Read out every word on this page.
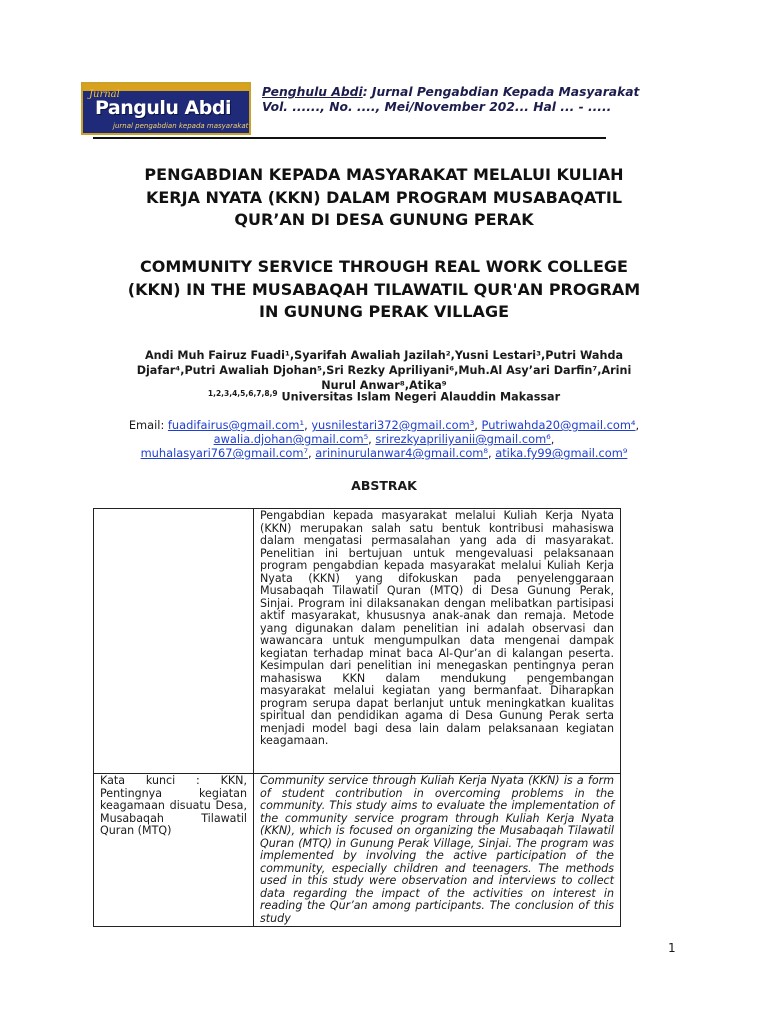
Jurnal
Pangulu Abdi
jurnal pengabdian kepada masyarakat
Penghulu Abdi: Jurnal Pengabdian Kepada Masyarakat
Vol. ......, No. ...., Mei/November 202... Hal ... - .....
PENGABDIAN KEPADA MASYARAKAT MELALUI KULIAH
KERJA NYATA (KKN) DALAM PROGRAM MUSABAQATIL
QUR’AN DI DESA GUNUNG PERAK
COMMUNITY SERVICE THROUGH REAL WORK COLLEGE
(KKN) IN THE MUSABAQAH TILAWATIL QUR'AN PROGRAM
IN GUNUNG PERAK VILLAGE
Andi Muh Fairuz Fuadi¹,Syarifah Awaliah Jazilah²,Yusni Lestari³,Putri Wahda
Djafar⁴,Putri Awaliah Djohan⁵,Sri Rezky Apriliyani⁶,Muh.Al Asy’ari Darfin⁷,Arini
Nurul Anwar⁸,Atika⁹
$^{1,2,3,4,5,6,7,8,9}$ Universitas Islam Negeri Alauddin Makassar
Email: fuadifairus@gmail.com¹, yusnilestari372@gmail.com³, Putriwahda20@gmail.com⁴,
awalia.djohan@gmail.com⁵, srirezkyapriliyanii@gmail.com⁶,
muhalasyari767@gmail.com⁷, arininurulanwar4@gmail.com⁸, atika.fy99@gmail.com⁹
ABSTRAK
	Pengabdian kepada masyarakat melalui Kuliah Kerja Nyata (KKN) merupakan salah satu bentuk kontribusi mahasiswa dalam mengatasi permasalahan yang ada di masyarakat. Penelitian ini bertujuan untuk mengevaluasi pelaksanaan program pengabdian kepada masyarakat melalui Kuliah Kerja Nyata (KKN) yang difokuskan pada penyelenggaraan Musabaqah Tilawatil Quran (MTQ) di Desa Gunung Perak, Sinjai. Program ini dilaksanakan dengan melibatkan partisipasi aktif masyarakat, khususnya anak-anak dan remaja. Metode yang digunakan dalam penelitian ini adalah observasi dan wawancara untuk mengumpulkan data mengenai dampak kegiatan terhadap minat baca Al-Qur’an di kalangan peserta. Kesimpulan dari penelitian ini menegaskan pentingnya peran mahasiswa KKN dalam mendukung pengembangan masyarakat melalui kegiatan yang bermanfaat. Diharapkan program serupa dapat berlanjut untuk meningkatkan kualitas spiritual dan pendidikan agama di Desa Gunung Perak serta menjadi model bagi desa lain dalam pelaksanaan kegiatan keagamaan.
Kata kunci : KKN, Pentingnya kegiatan keagamaan disuatu Desa, Musabaqah Tilawatil Quran (MTQ)	Community service through Kuliah Kerja Nyata (KKN) is a form of student contribution in overcoming problems in the community. This study aims to evaluate the implementation of the community service program through Kuliah Kerja Nyata (KKN), which is focused on organizing the Musabaqah Tilawatil Quran (MTQ) in Gunung Perak Village, Sinjai. The program was implemented by involving the active participation of the community, especially children and teenagers. The methods used in this study were observation and interviews to collect data regarding the impact of the activities on interest in reading the Qur’an among participants. The conclusion of this study
1
